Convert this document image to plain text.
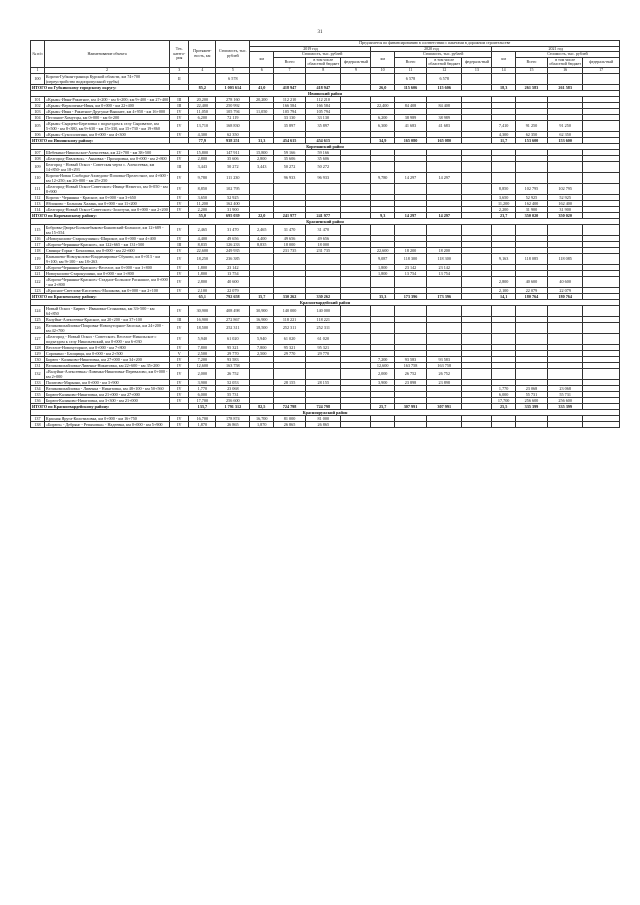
31
№ п/п	Наименование объекта	Тех. катего-рия	Протяжен-ность, км	Стоимость, тыс. рублей	Предлагается по финансированию в соответствии с пакетами в дорожном строительстве											
					2019 год				2020 год				2021 год			
					км	Стоимость, тыс. рублей			км	Стоимость, тыс. рублей			км	Стоимость, тыс. рублей		
						Всего	в том числе
областной бюджет	федераль-ный		Всего	в том числе
областной бюджет	федераль-ный		Всего	в том числе
областной бюджет	федераль-ный
1	2	3	4	5	6	7	8	9	10	11	12	13	14	15	16	17
100	Короча-Губкин-граница Курской области, км 74+700 (переустройство водопропускной трубы)	II		6 578						6 578	6 578					
ИТОГО по Губкинскому городскому округу:			85,2	1 003 614	41,0	418 947	418 947		26,0	115 606	115 606		18,3	261 583	261 583	
Ивнянский район																
101	«Крым»-Ивня-Ракитное, км 4+200 - км 6+200; км 9+400 - км 27+400	III	20,200	278 160	20,200	112 210	112 210									
102	«Крым»-Верхопенье-Ивня, км 0+000 - км 22+400	III	22,400	250 992		166 584	166 584		22,400	84 408	84 408					
103	«Крым»-Ивня - Ракитное-Другуша-Вышнее, км 4+950 - км 16+000	IV	11,050	105 794	11,050	105 794	105 794									
104	Песчаное-Хомутцы, км 0+000 - км 6+200	IV	6,200	72 119		33 130	33 130		6,200	38 989	38 989					
105	«Крым»-Сырцево-Березовка с подъездом к селу Сыроватое, км 5+500 - км 8+380, км 9+630 - км 15+330, км 15+730 - км 19+860	IV	13,710	168 830		35 897	35 897		6,300	41 683	41 683		7,410	91 250	91 250	
106	«Крым»-Сухосолотино, км 0+000 - км 4+300	IV	4,300	62 350									4,300	62 350	62 350	
ИТОГО по Ивнянскому району:			77,9	938 251	31,3	454 615	454 615		34,9	165 080	165 080		11,7	153 600	153 600	
Корочанский район																
107	Шебекино-Никольское-Алексеевка, км 22+700 - км 38+500	IV	15,800	147 911	15,800	59 166	59 166									
108	«Белгород-Павловск» - Анновка - Прохоровка, км 0+000 - км 2+800	IV	2,800	35 606	2,800	35 606	35 606									
109	Белгород - Новый Оскол - Советская черта с. Алексеевка, км 14+850- км 18+293	III	3,443	50 272	3,443	50 272	50 272									
110	Короча-Новая Слободка-Ахмедово-Поповка-Прелестное, км 4+600 - км 12+250; км 20+000 - км 25+250	IV	9,780	111 230		96 933	96 933		9,780	14 297	14 297					
111	«Белгород-Новый Оскол-Советское»-Ивица-Нежегол, км 0+050 - км 8+900	IV	8,850	102 795									8,850	102 795	102 795	
112	Короча - Чернянка - Красное, км 0+000 - км 3+650	IV	3,650	52 925									3,650	52 925	52 925	
113	Яблоново - Большая Халань, км 0+000 - км 11+200	IV	11,200	162 400									11,200	162 400	162 400	
114	«Белгород-Новый Оскол-Советское»-Золотухи, км 0+000 - км 2+200	IV	2,200	31 900									2,200	31 900	31 900	
ИТОГО по Корочанскому району:			55,0	695 039	22,0	241 977	241 977		9,3	14 297	14 297		23,7	350 020	350 020	
Красненский район																
115	Бобровы-Дворы-Большебыково-Быковский-Большое, км 12+689 - км 15+554	IV	2,465	31 470	2,465	31 470	31 470									
116	«Новоуколово-Старонушино»-Широкое, км 0+000 - км 4+400	IV	4,400	49 656	4,400	49 656	49 656									
117	«Короча-Чернянка-Красное», км 122+665 - км 131+500	III	8,835	126 233	8,835	18 000	18 000									
118	Свинцы-Горки - Бочаловка, км 0+000 - км 22+600	IV	22,600	249 935		231 735	231 735		22,600	18 200	18 200					
119	Камышево-Новоуколово-Владимировка-Сбуково, км 0+013 - км 9+100; км 9+100 - км 18+263	IV	18,250	236 385					9,087	118 300	118 300		9,163	118 085	118 085	
120	«Короча-Чернянка-Красное»-Веселое, км 0+000 - км 1+800	IV	1,800	23 142					1,800	23 142	23 142					
121	Новоуколово-Старонушино, км 0+000 - км 1+800	IV	1,800	13 754					1,800	13 754	13 754					
122	«Короча-Чернянка-Красное»-Стадное-Большое Раснашое, км 0+000 - км 2+800	IV	2,800	40 600									2,800	40 600	40 600	
123	«Красное-Светлова-Киселево»-Малакова, км 0+000 - км 2+100	IV	2,100	22 079									2,100	22 079	22 079	
ИТОГО по Красненскому району:			65,1	792 658	15,7	330 262	330 262		35,3	173 396	173 396		14,1	180 764	180 764	
Красногвардейский район																
124	Новый Оскол - Бирюч - Ивановка-Стояновка, км 33+500 - км 64+850	IV	30,900	408 498	30,900	140 000	140 000									
125	Валуйки-Алексеевка-Красное, км 20+200 - км 37+100	III	16,900	272 867	16,900	118 221	118 221									
126	Великомихайловка-Покровка-Новохуторное-Засосна, км 24+200 - км 42+700	IV	18,500	252 311	18,500	252 311	252 311									
127	«Белгород - Новый Оскол - Советское» Веселое-Никольское с подъездом к селу Никольевский, км 0+000 - км 6+030	IV	5,940	61 020	5,940	61 020	61 020									
128	Веселое-Новохуторное, км 0+000 - км 7+800	IV	7,800	95 321	7,800	95 321	95 321									
129	Сорокино - Блощицы, км 0+000 - км 2+500	V	2,500	29 770	2,500	29 770	29 770									
130	Бирюч - Калиново-Никитовка, км 27+000 - км 34+200	IV	7,200	93 583					7,200	93 583	93 583					
131	Великомихайловка-Ливенка-Никитовка, км 22+600 - км 35+200	IV	12,600	163 758					12,600	163 758	163 758					
132	«Валуйки-Алексеевка»-Ливенка-Никитовка-Перевалово, км 0+000 - км 2+000	IV	2,000	26 752					2,000	26 752	26 752					
133	Палатово-Марьино, км 0+000 - км 3+900	IV	3,900	52 053		28 155	28 155		3,900	23 898	23 898					
134	Великомихайловка - Ливенка - Никитовка, км 48+100 - км 50+560	IV	1,770	23 068									1,770	23 068	23 068	
135	Бирюч-Калиново-Никитовка, км 21+000 - км 27+000	IV	6,000	55 731									6,000	55 731	55 731	
136	Бирюч-Калиново-Никитовка, км 3+300 - км 21+000	IV	17,700	256 600									17,700	256 600	256 600	
ИТОГО по Красногвардейскому району:			133,7	1 791 312	82,5	724 798	724 798		25,7	307 991	307 991		25,5	335 399	335 399	
Краснояружский район																
137	Красная Яруга-Колотиловка, км 0+000 - км 16+750	IV	16,700	178 874	16,700	81 000	81 000									
138	«Бирюч» - Дебрянг - Репяховка» - Надеевка, км 0+000 - км 5+900	IV	1,870	26 865	1,870	26 865	26 865									
